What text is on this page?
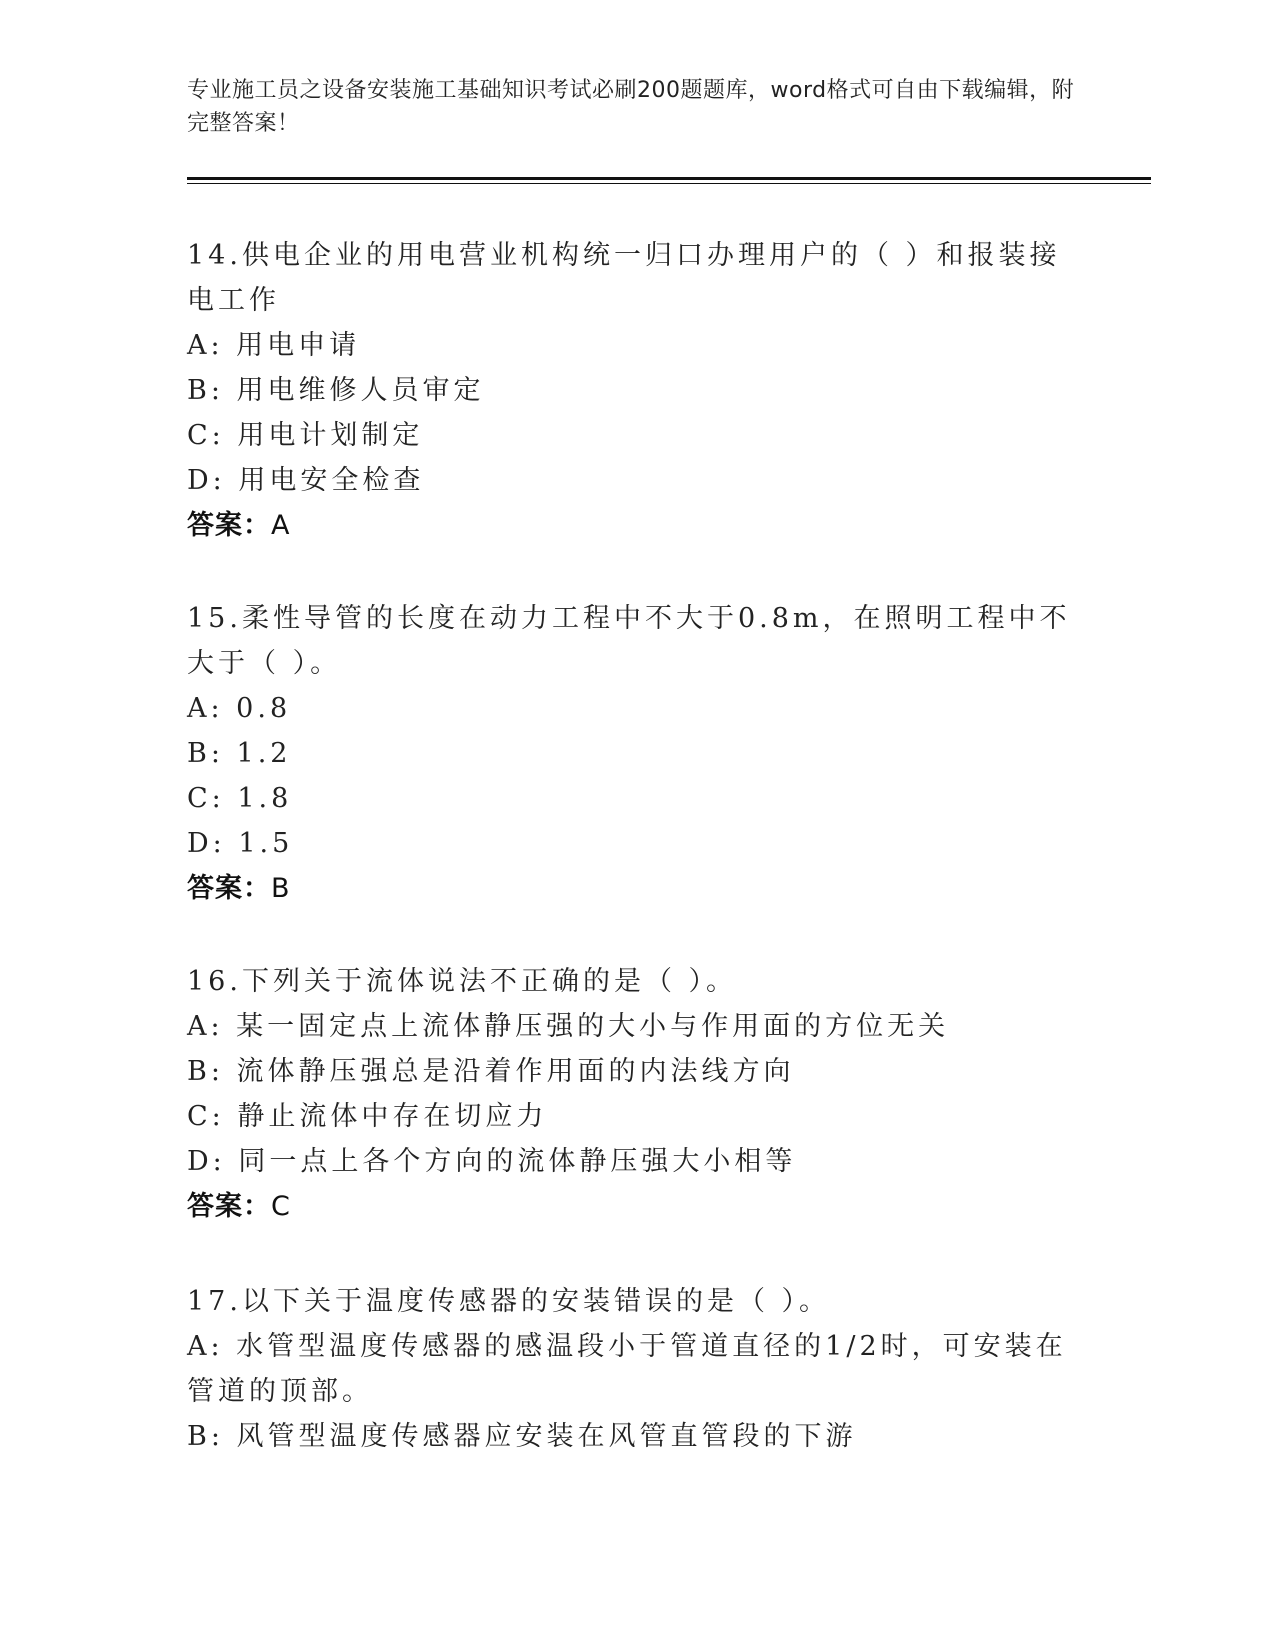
专业施工员之设备安装施工基础知识考试必刷200题题库，word格式可自由下载编辑，附完整答案！

14.供电企业的用电营业机构统一归口办理用户的（ ）和报装接电工作

A: 用电申请

B: 用电维修人员审定

C: 用电计划制定

D: 用电安全检查

答案：A

15.柔性导管的长度在动力工程中不大于0.8m，在照明工程中不大于（ ）。

A: 0.8

B: 1.2

C: 1.8

D: 1.5

答案：B

16.下列关于流体说法不正确的是（ ）。

A: 某一固定点上流体静压强的大小与作用面的方位无关

B: 流体静压强总是沿着作用面的内法线方向

C: 静止流体中存在切应力

D: 同一点上各个方向的流体静压强大小相等

答案：C

17.以下关于温度传感器的安装错误的是（ ）。

A: 水管型温度传感器的感温段小于管道直径的1/2时，可安装在管道的顶部。

B: 风管型温度传感器应安装在风管直管段的下游
